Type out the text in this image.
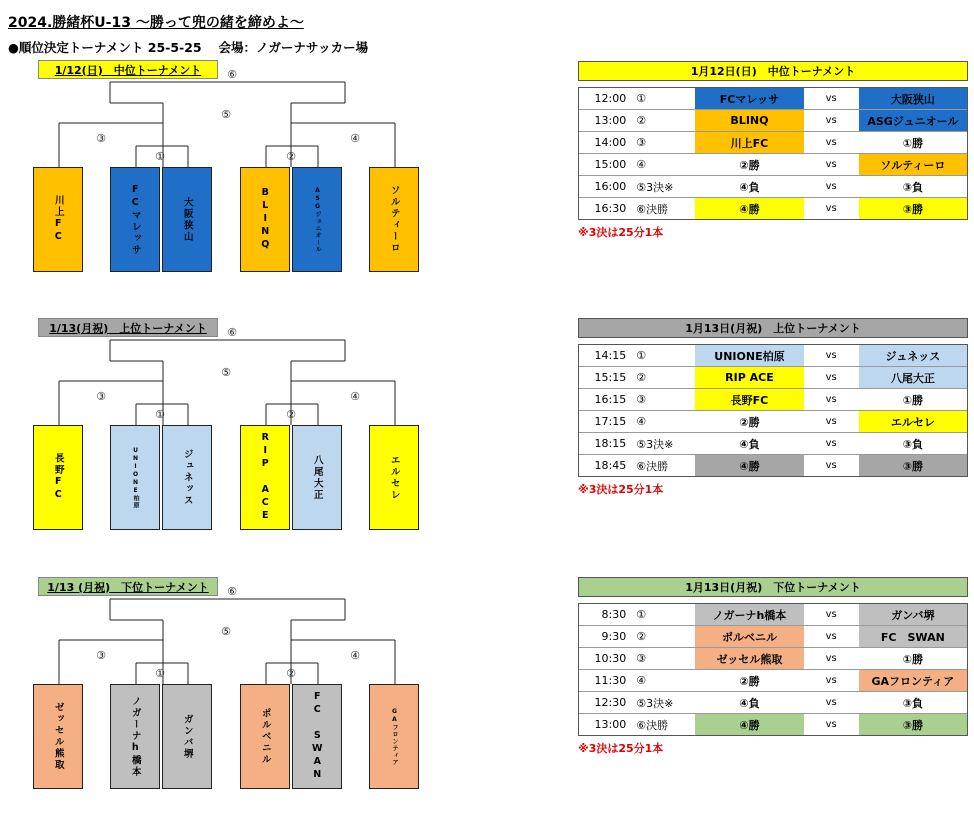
2024.勝緒杯U-13 ～勝って兜の緒を締めよ～
●順位決定トーナメント 25-5-25　 会場：ノガーナサッカー場
1/12(日)　中位トーナメント	⑥
⑤
③	④
①	②
川上FC	FCマレッサ	大阪狭山	BLINQ	ASGジュニオール	ソルティーロ
1月12日(日)　中位トーナメント
12:00 ①	FCマレッサ	vs	大阪狭山
13:00 ②	BLINQ	vs	ASGジュニオール
14:00 ③	川上FC	vs	①勝
15:00 ④	②勝	vs	ソルティーロ
16:00 ⑤3決※	④負	vs	③負
16:30 ⑥決勝	④勝	vs	③勝
※3決は25分1本
1/13(月祝)　上位トーナメント	⑥
⑤
③	④
①	②
長野FC	UNIONE柏原	ジュネッス	RIP ACE	八尾大正	エルセレ
1月13日(月祝)　上位トーナメント
14:15 ①	UNIONE柏原	vs	ジュネッス
15:15 ②	RIP ACE	vs	八尾大正
16:15 ③	長野FC	vs	①勝
17:15 ④	②勝	vs	エルセレ
18:15 ⑤3決※	④負	vs	③負
18:45 ⑥決勝	④勝	vs	③勝
※3決は25分1本
1/13 (月祝)　下位トーナメント	⑥
⑤
③	④
①	②
ゼッセル熊取	ノガーナh橋本	ガンバ堺	ポルベニル	FC SWAN	GAフロンティア
1月13日(月祝)　下位トーナメント
8:30 ①	ノガーナh橋本	vs	ガンバ堺
9:30 ②	ポルベニル	vs	FC　SWAN
10:30 ③	ゼッセル熊取	vs	①勝
11:30 ④	②勝	vs	GAフロンティア
12:30 ⑤3決※	④負	vs	③負
13:00 ⑥決勝	④勝	vs	③勝
※3決は25分1本
